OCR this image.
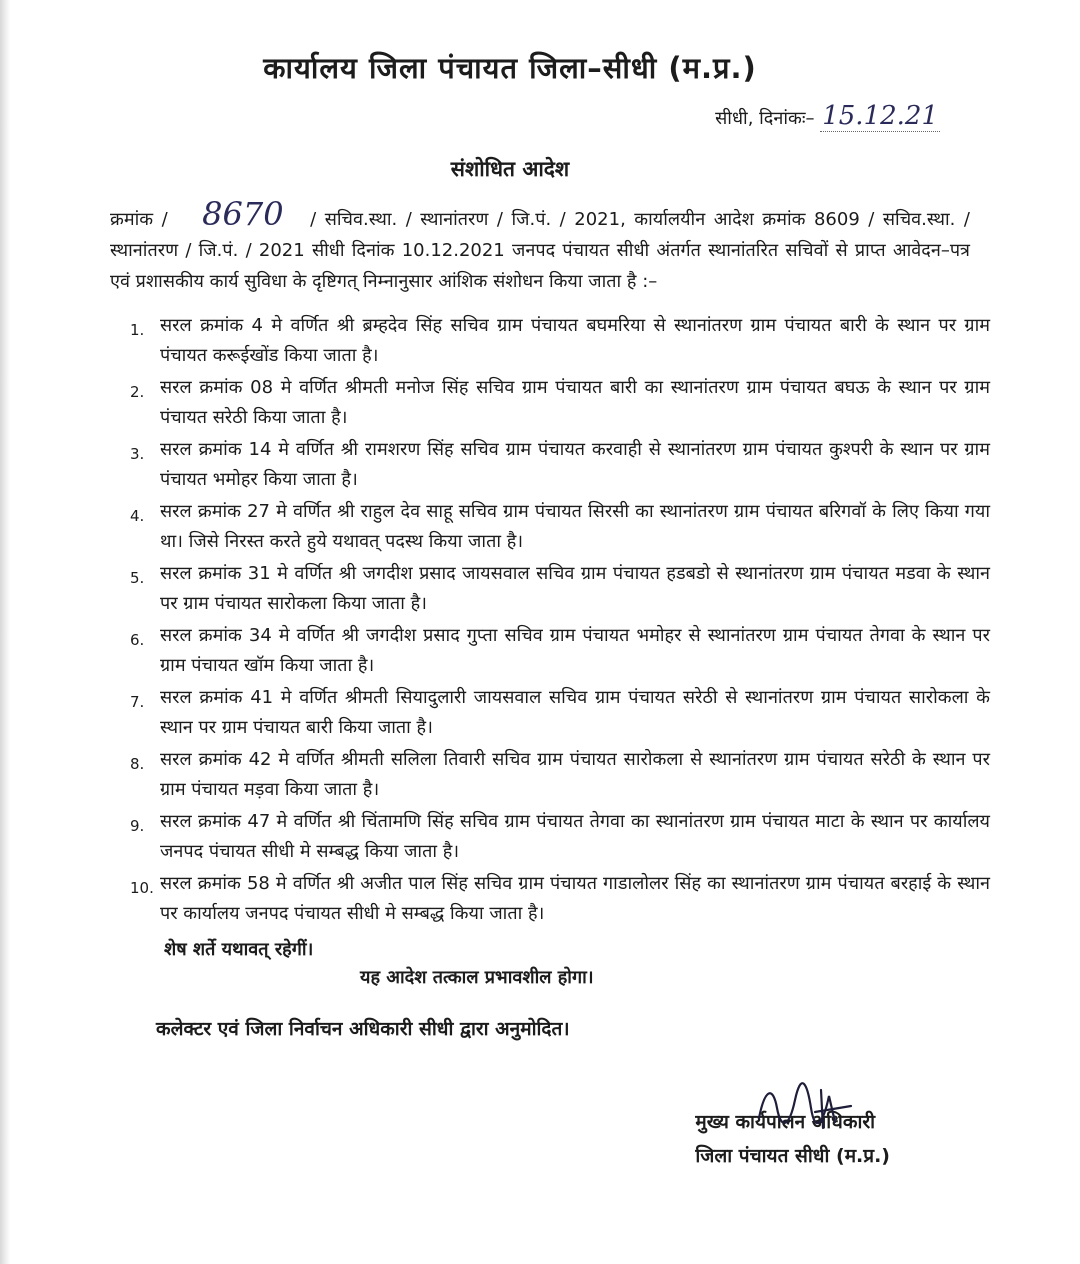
कार्यालय जिला पंचायत जिला–सीधी (म.प्र.)
सीधी, दिनांकः– 15.12.21
संशोधित आदेश
क्रमांक / 8670 / सचिव.स्था. / स्थानांतरण / जि.पं. / 2021, कार्यालयीन आदेश क्रमांक 8609 / सचिव.स्था. / स्थानांतरण / जि.पं. / 2021 सीधी दिनांक 10.12.2021 जनपद पंचायत सीधी अंतर्गत स्थानांतरित सचिवों से प्राप्त आवेदन–पत्र एवं प्रशासकीय कार्य सुविधा के दृष्टिगत् निम्नानुसार आंशिक संशोधन किया जाता है :–
1. सरल क्रमांक 4 मे वर्णित श्री ब्रम्हदेव सिंह सचिव ग्राम पंचायत बघमरिया से स्थानांतरण ग्राम पंचायत बारी के स्थान पर ग्राम पंचायत करूईखोंड किया जाता है।
2. सरल क्रमांक 08 मे वर्णित श्रीमती मनोज सिंह सचिव ग्राम पंचायत बारी का स्थानांतरण ग्राम पंचायत बघऊ के स्थान पर ग्राम पंचायत सरेठी किया जाता है।
3. सरल क्रमांक 14 मे वर्णित श्री रामशरण सिंह सचिव ग्राम पंचायत करवाही से स्थानांतरण ग्राम पंचायत कुश्परी के स्थान पर ग्राम पंचायत भमोहर किया जाता है।
4. सरल क्रमांक 27 मे वर्णित श्री राहुल देव साहू सचिव ग्राम पंचायत सिरसी का स्थानांतरण ग्राम पंचायत बरिगवॉ के लिए किया गया था। जिसे निरस्त करते हुये यथावत् पदस्थ किया जाता है।
5. सरल क्रमांक 31 मे वर्णित श्री जगदीश प्रसाद जायसवाल सचिव ग्राम पंचायत हडबडो से स्थानांतरण ग्राम पंचायत मडवा के स्थान पर ग्राम पंचायत सारोकला किया जाता है।
6. सरल क्रमांक 34 मे वर्णित श्री जगदीश प्रसाद गुप्ता सचिव ग्राम पंचायत भमोहर से स्थानांतरण ग्राम पंचायत तेगवा के स्थान पर ग्राम पंचायत खॉम किया जाता है।
7. सरल क्रमांक 41 मे वर्णित श्रीमती सियादुलारी जायसवाल सचिव ग्राम पंचायत सरेठी से स्थानांतरण ग्राम पंचायत सारोकला के स्थान पर ग्राम पंचायत बारी किया जाता है।
8. सरल क्रमांक 42 मे वर्णित श्रीमती सलिला तिवारी सचिव ग्राम पंचायत सारोकला से स्थानांतरण ग्राम पंचायत सरेठी के स्थान पर ग्राम पंचायत मड़वा किया जाता है।
9. सरल क्रमांक 47 मे वर्णित श्री चिंतामणि सिंह सचिव ग्राम पंचायत तेगवा का स्थानांतरण ग्राम पंचायत माटा के स्थान पर कार्यालय जनपद पंचायत सीधी मे सम्बद्ध किया जाता है।
10. सरल क्रमांक 58 मे वर्णित श्री अजीत पाल सिंह सचिव ग्राम पंचायत गाडालोलर सिंह का स्थानांतरण ग्राम पंचायत बरहाई के स्थान पर कार्यालय जनपद पंचायत सीधी मे सम्बद्ध किया जाता है।
शेष शर्ते यथावत् रहेगीं।
यह आदेश तत्काल प्रभावशील होगा।
कलेक्टर एवं जिला निर्वाचन अधिकारी सीधी द्वारा अनुमोदित।
मुख्य कार्यपालन अधिकारी
जिला पंचायत सीधी (म.प्र.)
